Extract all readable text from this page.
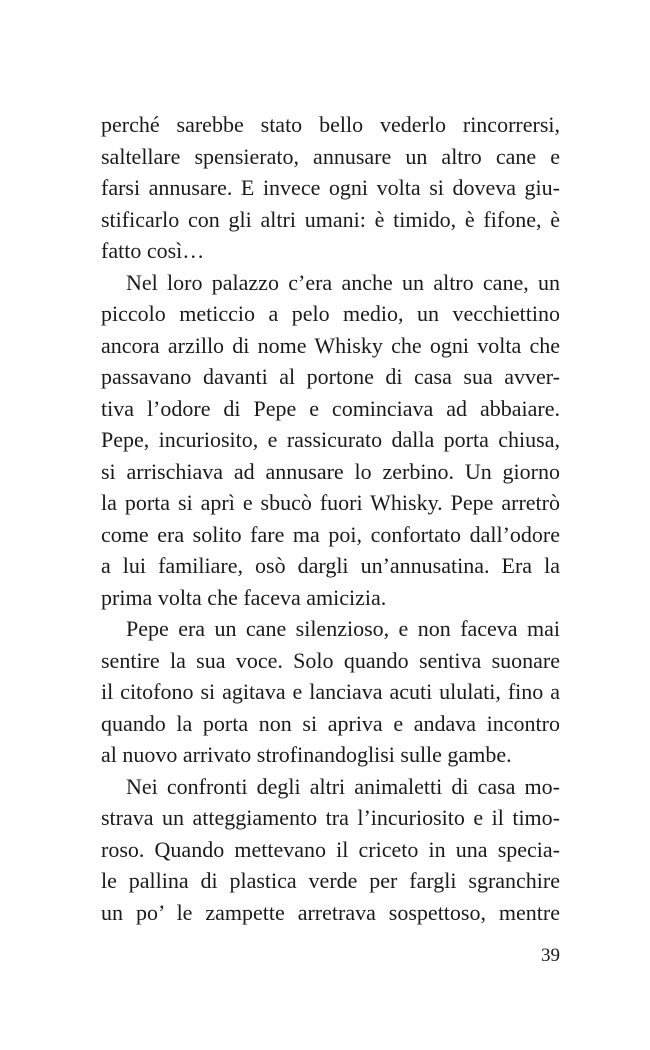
perché sarebbe stato bello vederlo rincorrersi,
saltellare spensierato, annusare un altro cane e
farsi annusare. E invece ogni volta si doveva giu-
stificarlo con gli altri umani: è timido, è fifone, è
fatto così…
Nel loro palazzo c’era anche un altro cane, un
piccolo meticcio a pelo medio, un vecchiettino
ancora arzillo di nome Whisky che ogni volta che
passavano davanti al portone di casa sua avver-
tiva l’odore di Pepe e cominciava ad abbaiare.
Pepe, incuriosito, e rassicurato dalla porta chiusa,
si arrischiava ad annusare lo zerbino. Un giorno
la porta si aprì e sbucò fuori Whisky. Pepe arretrò
come era solito fare ma poi, confortato dall’odore
a lui familiare, osò dargli un’annusatina. Era la
prima volta che faceva amicizia.
Pepe era un cane silenzioso, e non faceva mai
sentire la sua voce. Solo quando sentiva suonare
il citofono si agitava e lanciava acuti ululati, fino a
quando la porta non si apriva e andava incontro
al nuovo arrivato strofinandoglisi sulle gambe.
Nei confronti degli altri animaletti di casa mo-
strava un atteggiamento tra l’incuriosito e il timo-
roso. Quando mettevano il criceto in una specia-
le pallina di plastica verde per fargli sgranchire
un po’ le zampette arretrava sospettoso, mentre
39
